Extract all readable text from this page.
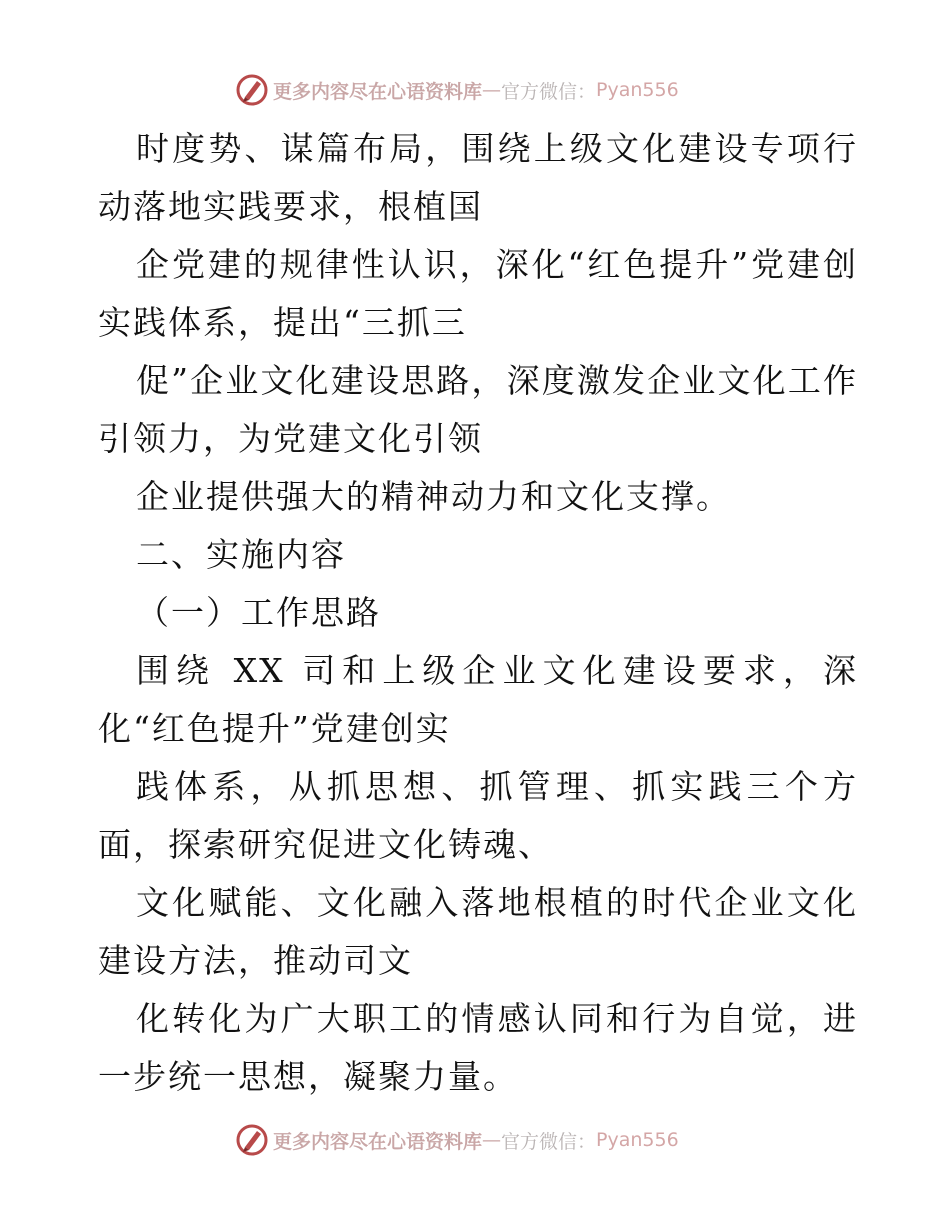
更多内容尽在心语资料库 — 官方微信： Pyan556

时度势、谋篇布局，围绕上级文化建设专项行动落地实践要求，根植国

企党建的规律性认识，深化“红色提升”党建创实践体系，提出“三抓三

促”企业文化建设思路，深度激发企业文化工作引领力，为党建文化引领

企业提供强大的精神动力和文化支撑。

二、实施内容

（一）工作思路

围绕 XX 司和上级企业文化建设要求，深化“红色提升”党建创实

践体系，从抓思想、抓管理、抓实践三个方面，探索研究促进文化铸魂、

文化赋能、文化融入落地根植的时代企业文化建设方法，推动司文

化转化为广大职工的情感认同和行为自觉，进一步统一思想，凝聚力量。

更多内容尽在心语资料库 — 官方微信： Pyan556
